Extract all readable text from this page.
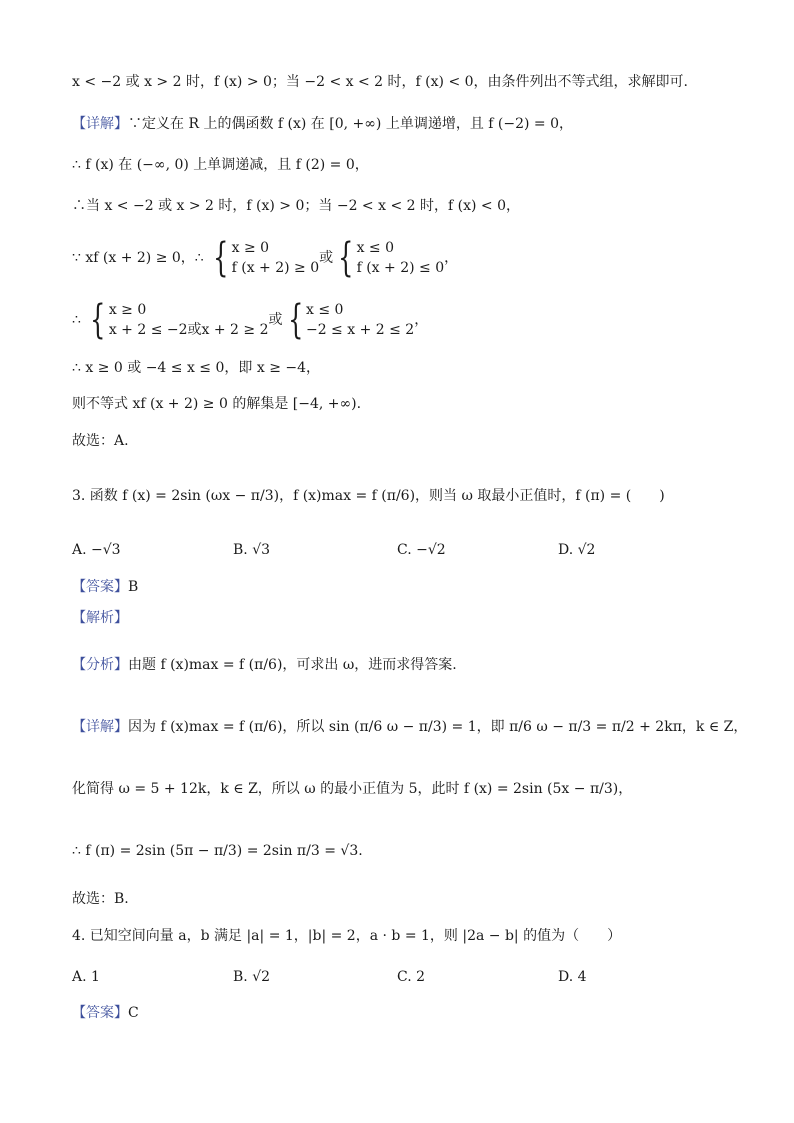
x < −2 或 x > 2 时，f (x) > 0；当 −2 < x < 2 时，f (x) < 0，由条件列出不等式组，求解即可.
【详解】∵定义在 R 上的偶函数 f (x) 在 [0, +∞) 上单调递增，且 f (−2) = 0，
∴ f (x) 在 (−∞, 0) 上单调递减，且 f (2) = 0，
∴当 x < −2 或 x > 2 时，f (x) > 0；当 −2 < x < 2 时，f (x) < 0，
∵ xf (x + 2) ≥ 0，∴ { x ≥ 0
f (x + 2) ≥ 0
或 { x ≤ 0
f (x + 2) ≤ 0
，
∴ { x ≥ 0
x + 2 ≤ −2或x + 2 ≥ 2
或 { x ≤ 0
−2 ≤ x + 2 ≤ 2
，
∴ x ≥ 0 或 −4 ≤ x ≤ 0，即 x ≥ −4，
则不等式 xf (x + 2) ≥ 0 的解集是 [−4, +∞).
故选：A.
3. 函数 f (x) = 2sin (ωx − π/3)，f (x)max = f (π/6)，则当 ω 取最小正值时，f (π) = (　　)
A. −√3	B. √3	C. −√2	D. √2
【答案】B
【解析】
【分析】由题 f (x)max = f (π/6)，可求出 ω，进而求得答案.
【详解】因为 f (x)max = f (π/6)，所以 sin (π/6 ω − π/3) = 1，即 π/6 ω − π/3 = π/2 + 2kπ，k ∈ Z，
化简得 ω = 5 + 12k，k ∈ Z，所以 ω 的最小正值为 5，此时 f (x) = 2sin (5x − π/3)，
∴ f (π) = 2sin (5π − π/3) = 2sin π/3 = √3.
故选：B.
4. 已知空间向量 a，b 满足 |a| = 1，|b| = 2，a · b = 1，则 |2a − b| 的值为（　　）
A. 1	B. √2	C. 2	D. 4
【答案】C
